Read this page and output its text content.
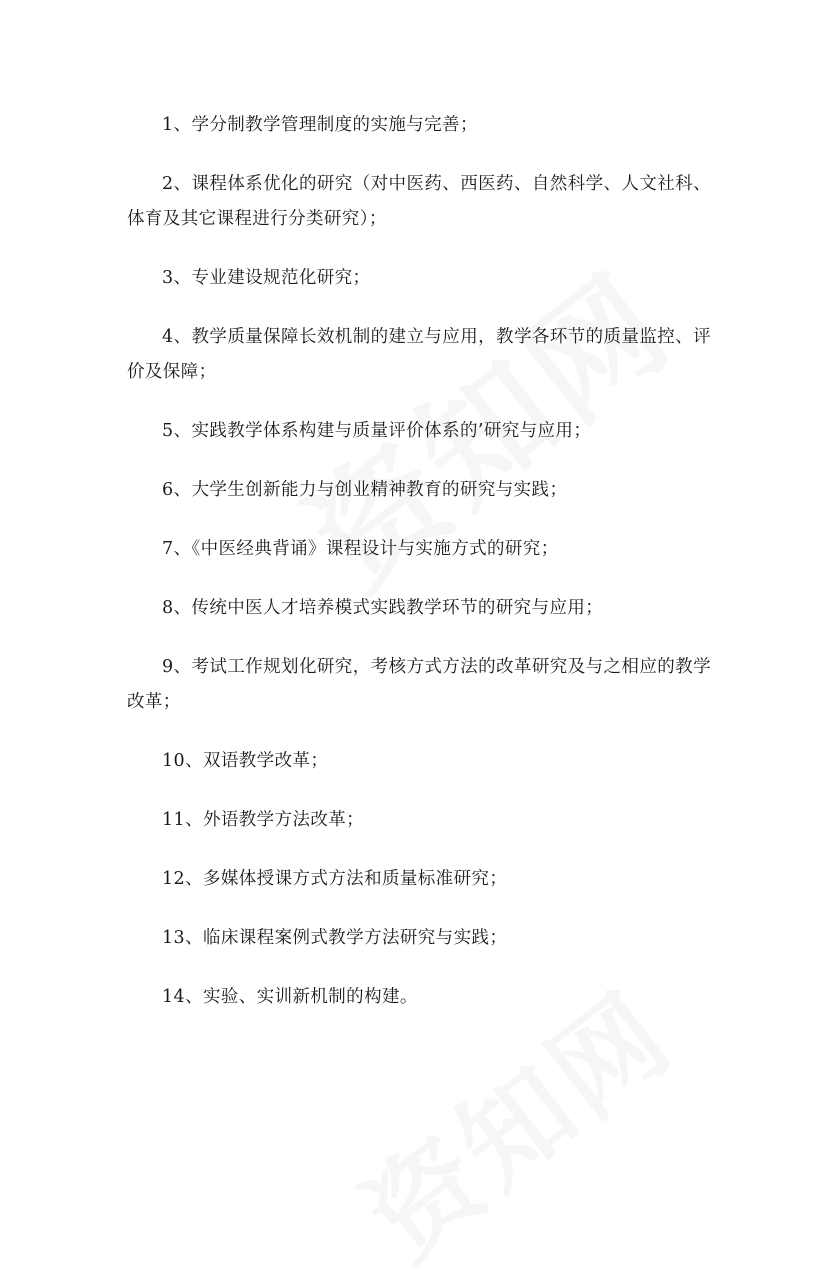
1、学分制教学管理制度的实施与完善；

2、课程体系优化的研究（对中医药、西医药、自然科学、人文社科、体育及其它课程进行分类研究）；

3、专业建设规范化研究；

4、教学质量保障长效机制的建立与应用，教学各环节的质量监控、评价及保障；

5、实践教学体系构建与质量评价体系的’研究与应用；

6、大学生创新能力与创业精神教育的研究与实践；

7、《中医经典背诵》课程设计与实施方式的研究；

8、传统中医人才培养模式实践教学环节的研究与应用；

9、考试工作规划化研究，考核方式方法的改革研究及与之相应的教学改革；

10、双语教学改革；

11、外语教学方法改革；

12、多媒体授课方式方法和质量标准研究；

13、临床课程案例式教学方法研究与实践；

14、实验、实训新机制的构建。
